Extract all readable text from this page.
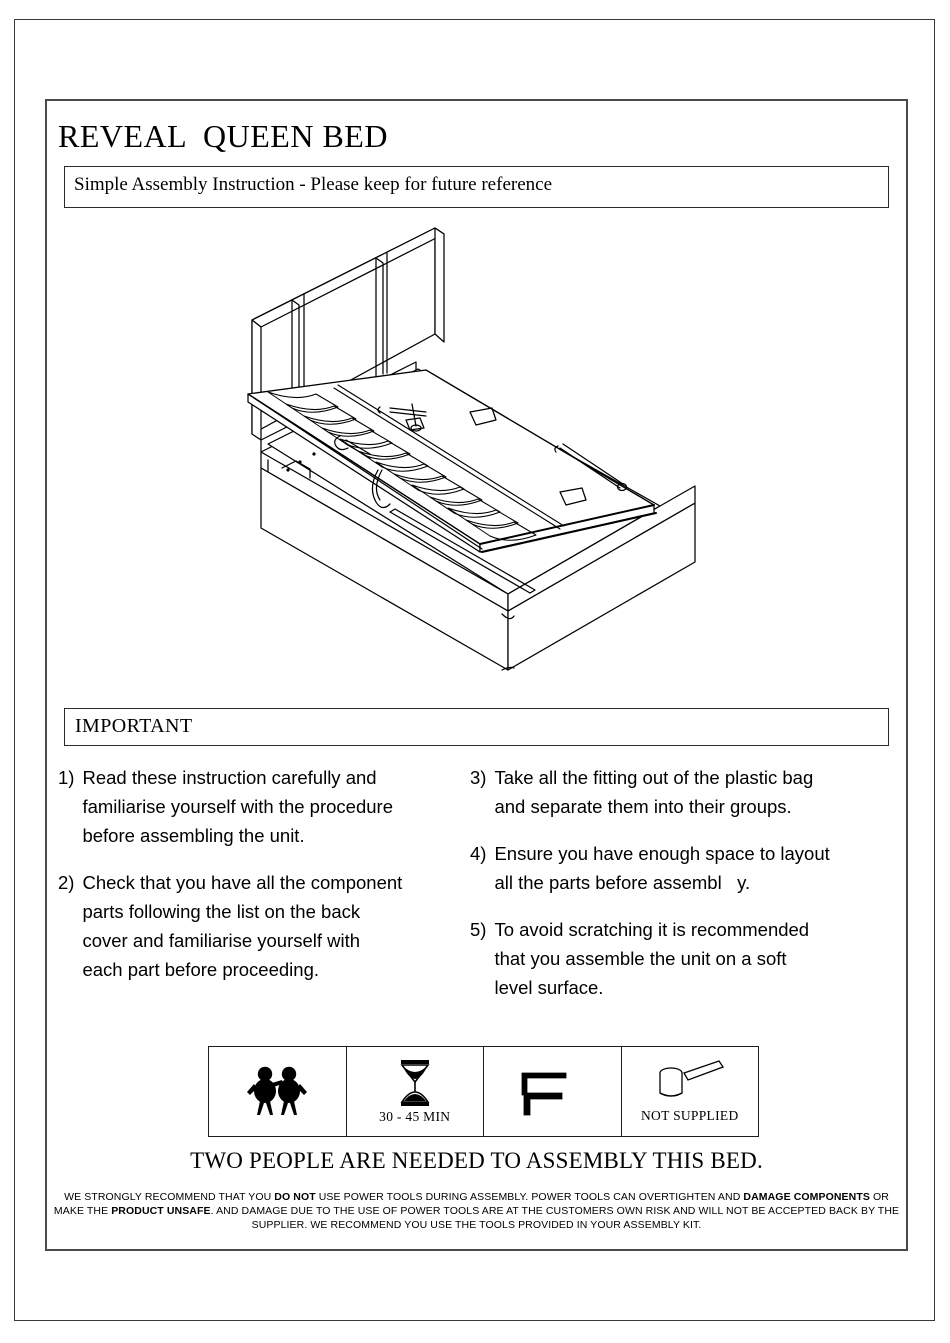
REVEAL  QUEEN BED
Simple Assembly Instruction - Please keep for future reference
IMPORTANT
1) Read these instruction carefully and
familiarise yourself with the procedure
before assembling the unit.
2) Check that you have all the component
parts following the list on the back
cover and familiarise yourself with
each part before proceeding.
3) Take all the fitting out of the plastic bag
and separate them into their groups.
4) Ensure you have enough space to layout
all the parts before assembl   y.
5) To avoid scratching it is recommended
that you assemble the unit on a soft
level surface.
30 - 45 MIN	NOT SUPPLIED
TWO PEOPLE ARE NEEDED TO ASSEMBLY THIS BED.
WE STRONGLY RECOMMEND THAT YOU DO NOT USE POWER TOOLS DURING ASSEMBLY. POWER TOOLS CAN OVERTIGHTEN AND DAMAGE COMPONENTS OR MAKE THE PRODUCT UNSAFE. AND DAMAGE DUE TO THE USE OF POWER TOOLS ARE AT THE CUSTOMERS OWN RISK AND WILL NOT BE ACCEPTED BACK BY THE SUPPLIER. WE RECOMMEND YOU USE THE TOOLS PROVIDED IN YOUR ASSEMBLY KIT.
